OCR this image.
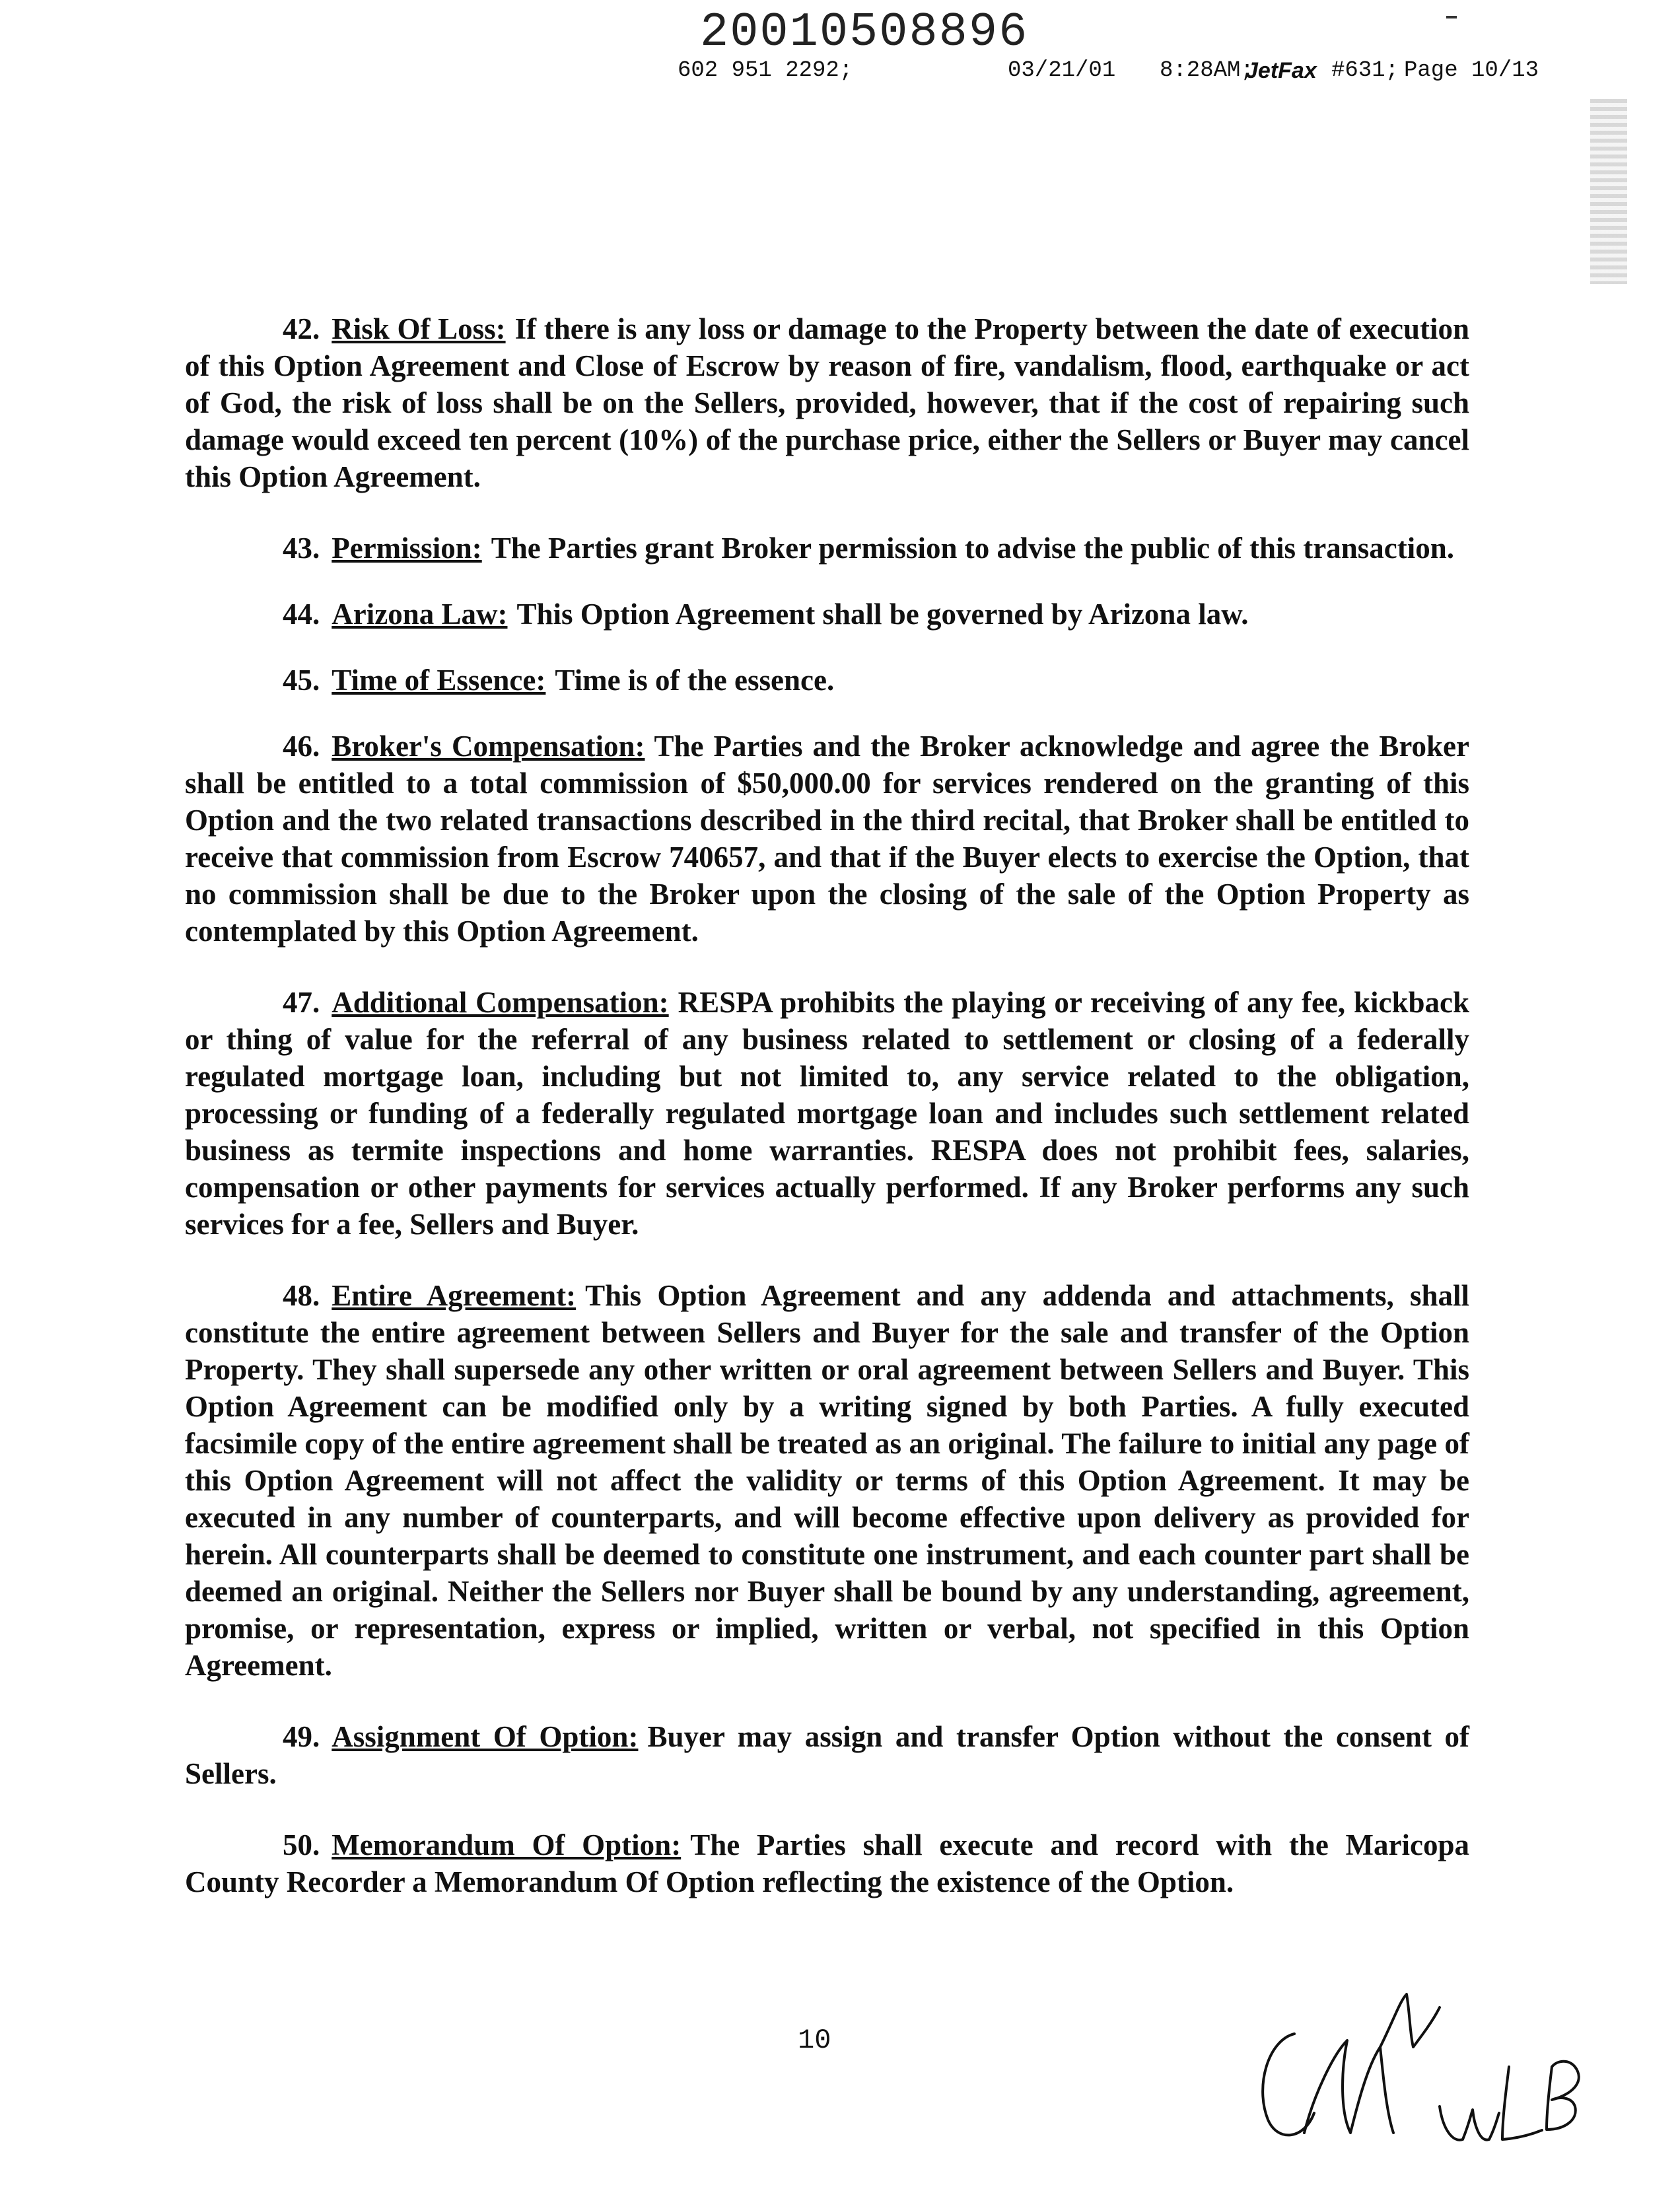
20010508896
602 951 2292;	03/21/01 8:28AM;
JetFax #631; Page 10/13

42. Risk Of Loss: If there is any loss or damage to the Property between the date of execution of this Option Agreement and Close of Escrow by reason of fire, vandalism, flood, earthquake or act of God, the risk of loss shall be on the Sellers, provided, however, that if the cost of repairing such damage would exceed ten percent (10%) of the purchase price, either the Sellers or Buyer may cancel this Option Agreement.

43. Permission: The Parties grant Broker permission to advise the public of this transaction.

44. Arizona Law: This Option Agreement shall be governed by Arizona law.

45. Time of Essence: Time is of the essence.

46. Broker's Compensation: The Parties and the Broker acknowledge and agree the Broker shall be entitled to a total commission of $50,000.00 for services rendered on the granting of this Option and the two related transactions described in the third recital, that Broker shall be entitled to receive that commission from Escrow 740657, and that if the Buyer elects to exercise the Option, that no commission shall be due to the Broker upon the closing of the sale of the Option Property as contemplated by this Option Agreement.

47. Additional Compensation: RESPA prohibits the playing or receiving of any fee, kickback or thing of value for the referral of any business related to settlement or closing of a federally regulated mortgage loan, including but not limited to, any service related to the obligation, processing or funding of a federally regulated mortgage loan and includes such settlement related business as termite inspections and home warranties. RESPA does not prohibit fees, salaries, compensation or other payments for services actually performed. If any Broker performs any such services for a fee, Sellers and Buyer.

48. Entire Agreement: This Option Agreement and any addenda and attachments, shall constitute the entire agreement between Sellers and Buyer for the sale and transfer of the Option Property. They shall supersede any other written or oral agreement between Sellers and Buyer. This Option Agreement can be modified only by a writing signed by both Parties. A fully executed facsimile copy of the entire agreement shall be treated as an original. The failure to initial any page of this Option Agreement will not affect the validity or terms of this Option Agreement. It may be executed in any number of counterparts, and will become effective upon delivery as provided for herein. All counterparts shall be deemed to constitute one instrument, and each counter part shall be deemed an original. Neither the Sellers nor Buyer shall be bound by any understanding, agreement, promise, or representation, express or implied, written or verbal, not specified in this Option Agreement.

49. Assignment Of Option: Buyer may assign and transfer Option without the consent of Sellers.

50. Memorandum Of Option: The Parties shall execute and record with the Maricopa County Recorder a Memorandum Of Option reflecting the existence of the Option.

10
